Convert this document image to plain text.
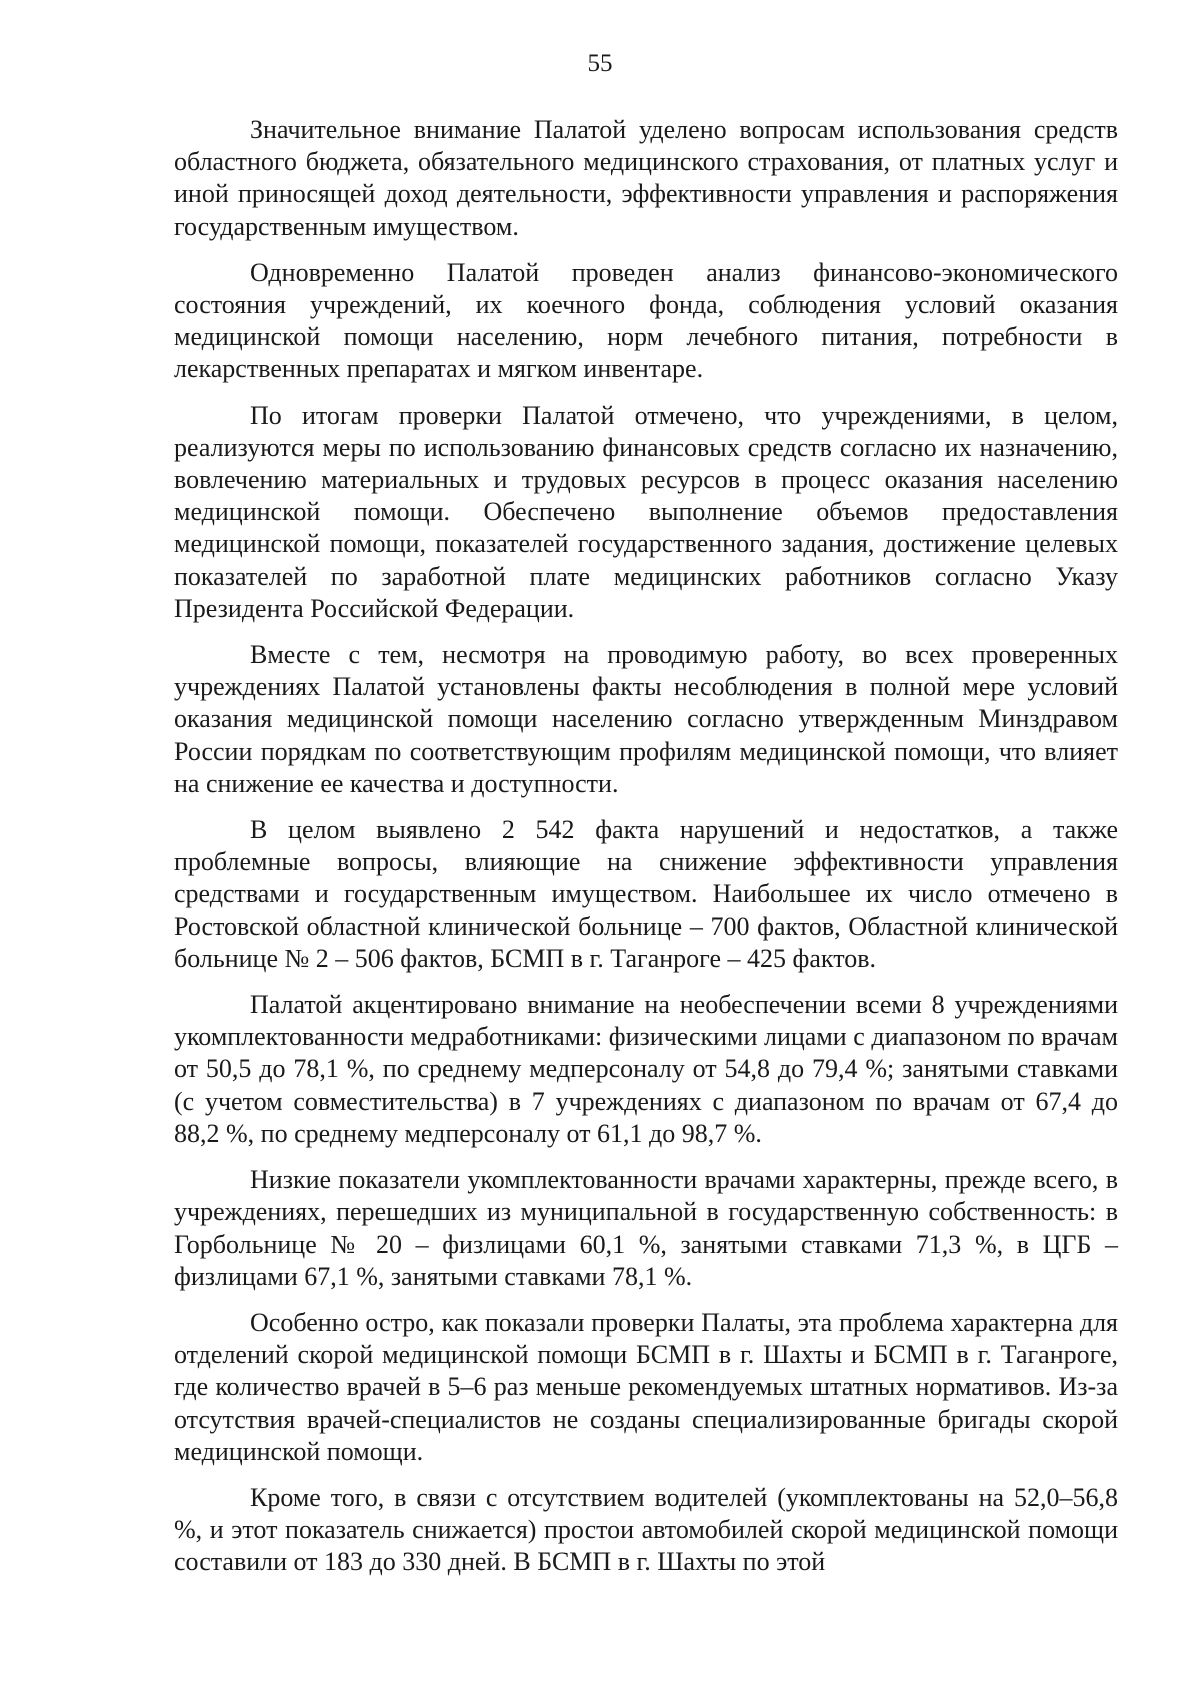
55

Значительное внимание Палатой уделено вопросам использования средств областного бюджета, обязательного медицинского страхования, от платных услуг и иной приносящей доход деятельности, эффективности управления и распоряжения государственным имуществом.

Одновременно Палатой проведен анализ финансово-экономического состояния учреждений, их коечного фонда, соблюдения условий оказания медицинской помощи населению, норм лечебного питания, потребности в лекарственных препаратах и мягком инвентаре.

По итогам проверки Палатой отмечено, что учреждениями, в целом, реализуются меры по использованию финансовых средств согласно их назначению, вовлечению материальных и трудовых ресурсов в процесс оказания населению медицинской помощи. Обеспечено выполнение объемов предоставления медицинской помощи, показателей государственного задания, достижение целевых показателей по заработной плате медицинских работников согласно Указу Президента Российской Федерации.

Вместе с тем, несмотря на проводимую работу, во всех проверенных учреждениях Палатой установлены факты несоблюдения в полной мере условий оказания медицинской помощи населению согласно утвержденным Минздравом России порядкам по соответствующим профилям медицинской помощи, что влияет на снижение ее качества и доступности.

В целом выявлено 2 542 факта нарушений и недостатков, а также проблемные вопросы, влияющие на снижение эффективности управления средствами и государственным имуществом. Наибольшее их число отмечено в Ростовской областной клинической больнице – 700 фактов, Областной клинической больнице № 2 – 506 фактов, БСМП в г. Таганроге – 425 фактов.

Палатой акцентировано внимание на необеспечении всеми 8 учреждениями укомплектованности медработниками: физическими лицами с диапазоном по врачам от 50,5 до 78,1 %, по среднему медперсоналу от 54,8 до 79,4 %; занятыми ставками (с учетом совместительства) в 7 учреждениях с диапазоном по врачам от 67,4 до 88,2 %, по среднему медперсоналу от 61,1 до 98,7 %.

Низкие показатели укомплектованности врачами характерны, прежде всего, в учреждениях, перешедших из муниципальной в государственную собственность: в Горбольнице № 20 – физлицами 60,1 %, занятыми ставками 71,3 %, в ЦГБ – физлицами 67,1 %, занятыми ставками 78,1 %.

Особенно остро, как показали проверки Палаты, эта проблема характерна для отделений скорой медицинской помощи БСМП в г. Шахты и БСМП в г. Таганроге, где количество врачей в 5–6 раз меньше рекомендуемых штатных нормативов. Из-за отсутствия врачей-специалистов не созданы специализированные бригады скорой медицинской помощи.

Кроме того, в связи с отсутствием водителей (укомплектованы на 52,0–56,8 %, и этот показатель снижается) простои автомобилей скорой медицинской помощи составили от 183 до 330 дней. В БСМП в г. Шахты по этой
